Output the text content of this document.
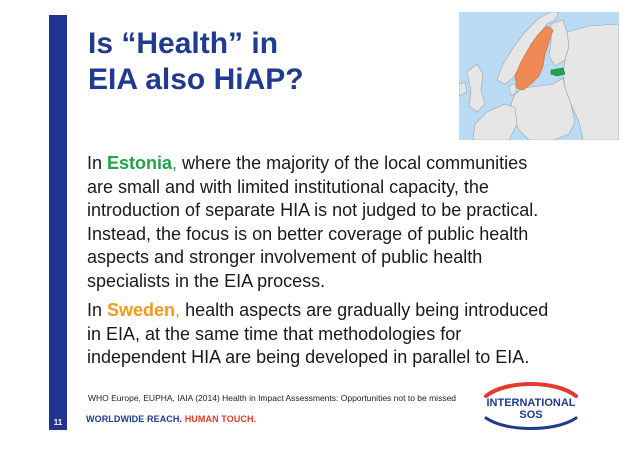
11
Is “Health” in
EIA also HiAP?

In Estonia, where the majority of the local communities are small and with limited institutional capacity, the introduction of separate HIA is not judged to be practical. Instead, the focus is on better coverage of public health aspects and stronger involvement of public health specialists in the EIA process.

In Sweden, health aspects are gradually being introduced in EIA, at the same time that methodologies for independent HIA are being developed in parallel to EIA.

WHO Europe, EUPHA, IAIA (2014) Health in Impact Assessments: Opportunities not to be missed
WORLDWIDE REACH. HUMAN TOUCH.
INTERNATIONAL
SOS
